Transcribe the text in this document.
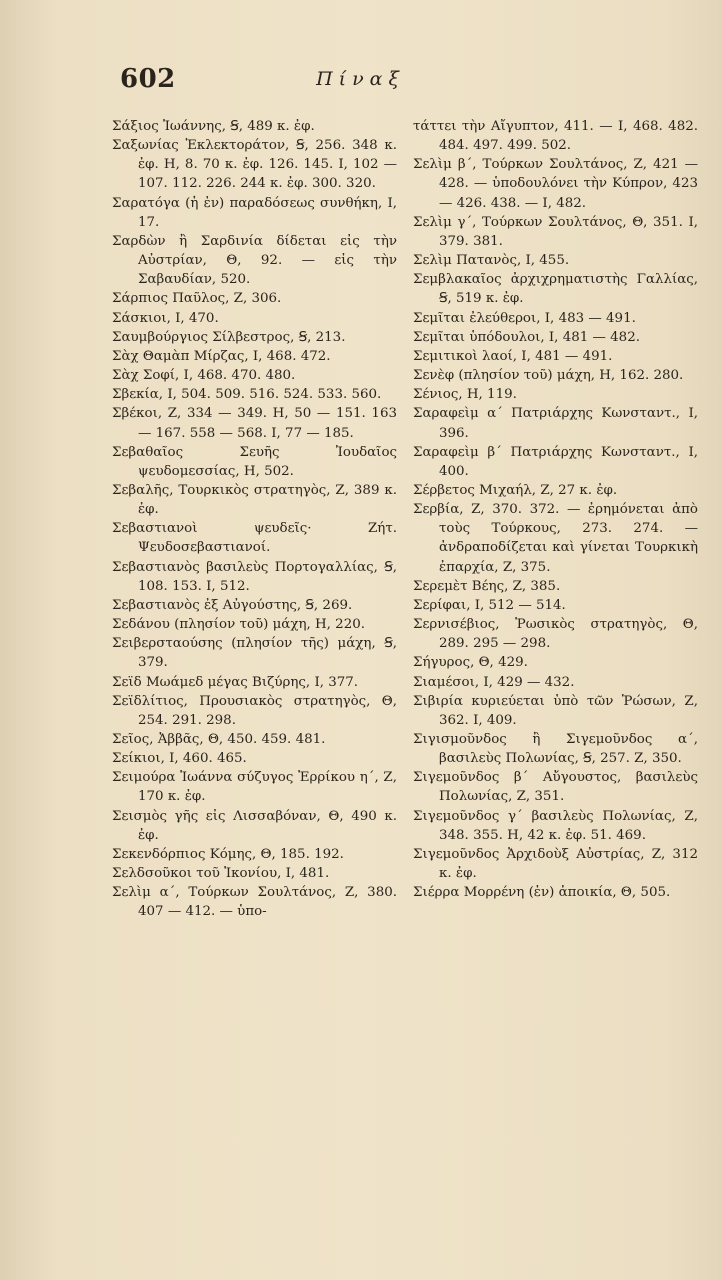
602	Πίναξ
Σάξιος Ἰωάννης, Ꞩ, 489 κ. ἐφ.
Σαξωνίας Ἐκλεκτοράτον, Ꞩ, 256. 348 κ. ἐφ. Η, 8. 70 κ. ἐφ. 126. 145. Ι, 102 — 107. 112. 226. 244 κ. ἐφ. 300. 320.
Σαρατόγα (ἡ ἐν) παραδόσεως συνθήκη, Ι, 17.
Σαρδὼν ἢ Σαρδινία δίδεται εἰς τὴν Αὐστρίαν, Θ, 92. — εἰς τὴν Σαβαυδίαν, 520.
Σάρπιος Παῦλος, Ζ, 306.
Σάσκιοι, Ι, 470.
Σαυμβούργιος Σίλβεστρος, Ꞩ, 213.
Σὰχ Θαμὰπ Μίρζας, Ι, 468. 472.
Σὰχ Σοφί, Ι, 468. 470. 480.
Σβεκία, Ι, 504. 509. 516. 524. 533. 560.
Σβέκοι, Ζ, 334 — 349. Η, 50 — 151. 163 — 167. 558 — 568. Ι, 77 — 185.
Σεβαθαῖος Σευῆς Ἰουδαῖος ψευδομεσσίας, Η, 502.
Σεβαλῆς, Τουρκικὸς στρατηγὸς, Ζ, 389 κ. ἐφ.
Σεβαστιανοὶ ψευδεῖς· Ζήτ. Ψευδοσεβαστιανοί.
Σεβαστιανὸς βασιλεὺς Πορτογαλλίας, Ꞩ, 108. 153. Ι, 512.
Σεβαστιανὸς ἐξ Αὐγούστης, Ꞩ, 269.
Σεδάνου (πλησίον τοῦ) μάχη, Η, 220.
Σειβερσταούσης (πλησίον τῆς) μάχη, Ꞩ, 379.
Σεϊδ Μωάμεδ μέγας Βιζύρης, Ι, 377.
Σεϊδλίτιος, Προυσιακὸς στρατηγὸς, Θ, 254. 291. 298.
Σεῖος, Ἀββᾶς, Θ, 450. 459. 481.
Σείκιοι, Ι, 460. 465.
Σειμούρα Ἰωάννα σύζυγος Ἐρρίκου η΄, Ζ, 170 κ. ἐφ.
Σεισμὸς γῆς εἰς Λισσαβόναν, Θ, 490 κ. ἐφ.
Σεκενδόρπιος Κόμης, Θ, 185. 192.
Σελδσοῦκοι τοῦ Ἰκονίου, Ι, 481.
Σελὶμ α΄, Τούρκων Σουλτάνος, Ζ, 380. 407 — 412. — ὑπο-
τάττει τὴν Αἴγυπτον, 411. — Ι, 468. 482. 484. 497. 499. 502.
Σελὶμ β΄, Τούρκων Σουλτάνος, Ζ, 421 — 428. — ὑποδουλόνει τὴν Κύπρον, 423 — 426. 438. — Ι, 482.
Σελὶμ γ΄, Τούρκων Σουλτάνος, Θ, 351. Ι, 379. 381.
Σελὶμ Πατανὸς, Ι, 455.
Σεμβλακαῖος ἀρχιχρηματιστὴς Γαλλίας, Ꞩ, 519 κ. ἐφ.
Σεμῖται ἐλεύθεροι, Ι, 483 — 491.
Σεμῖται ὑπόδουλοι, Ι, 481 — 482.
Σεμιτικοὶ λαοί, Ι, 481 — 491.
Σενὲφ (πλησίον τοῦ) μάχη, Η, 162. 280.
Σένιος, Η, 119.
Σαραφεὶμ α΄ Πατριάρχης Κωνσταντ., Ι, 396.
Σαραφεὶμ β΄ Πατριάρχης Κωνσταντ., Ι, 400.
Σέρβετος Μιχαήλ, Ζ, 27 κ. ἐφ.
Σερβία, Ζ, 370. 372. — ἐρημόνεται ἀπὸ τοὺς Τούρκους, 273. 274. — ἀνδραποδίζεται καὶ γίνεται Τουρκικὴ ἐπαρχία, Ζ, 375.
Σερεμὲτ Βέης, Ζ, 385.
Σερίφαι, Ι, 512 — 514.
Σερνισέβιος, Ῥωσικὸς στρατηγὸς, Θ, 289. 295 — 298.
Σήγυρος, Θ, 429.
Σιαμέσοι, Ι, 429 — 432.
Σιβιρία κυριεύεται ὑπὸ τῶν Ῥώσων, Ζ, 362. Ι, 409.
Σιγισμοῦνδος ἢ Σιγεμοῦνδος α΄, βασιλεὺς Πολωνίας, Ꞩ, 257. Ζ, 350.
Σιγεμοῦνδος β΄ Αὔγουστος, βασιλεὺς Πολωνίας, Ζ, 351.
Σιγεμοῦνδος γ΄ βασιλεὺς Πολωνίας, Ζ, 348. 355. Η, 42 κ. ἐφ. 51. 469.
Σιγεμοῦνδος Ἀρχιδοὺξ Αὐστρίας, Ζ, 312 κ. ἐφ.
Σιέρρα Μορρένη (ἐν) ἀποικία, Θ, 505.
